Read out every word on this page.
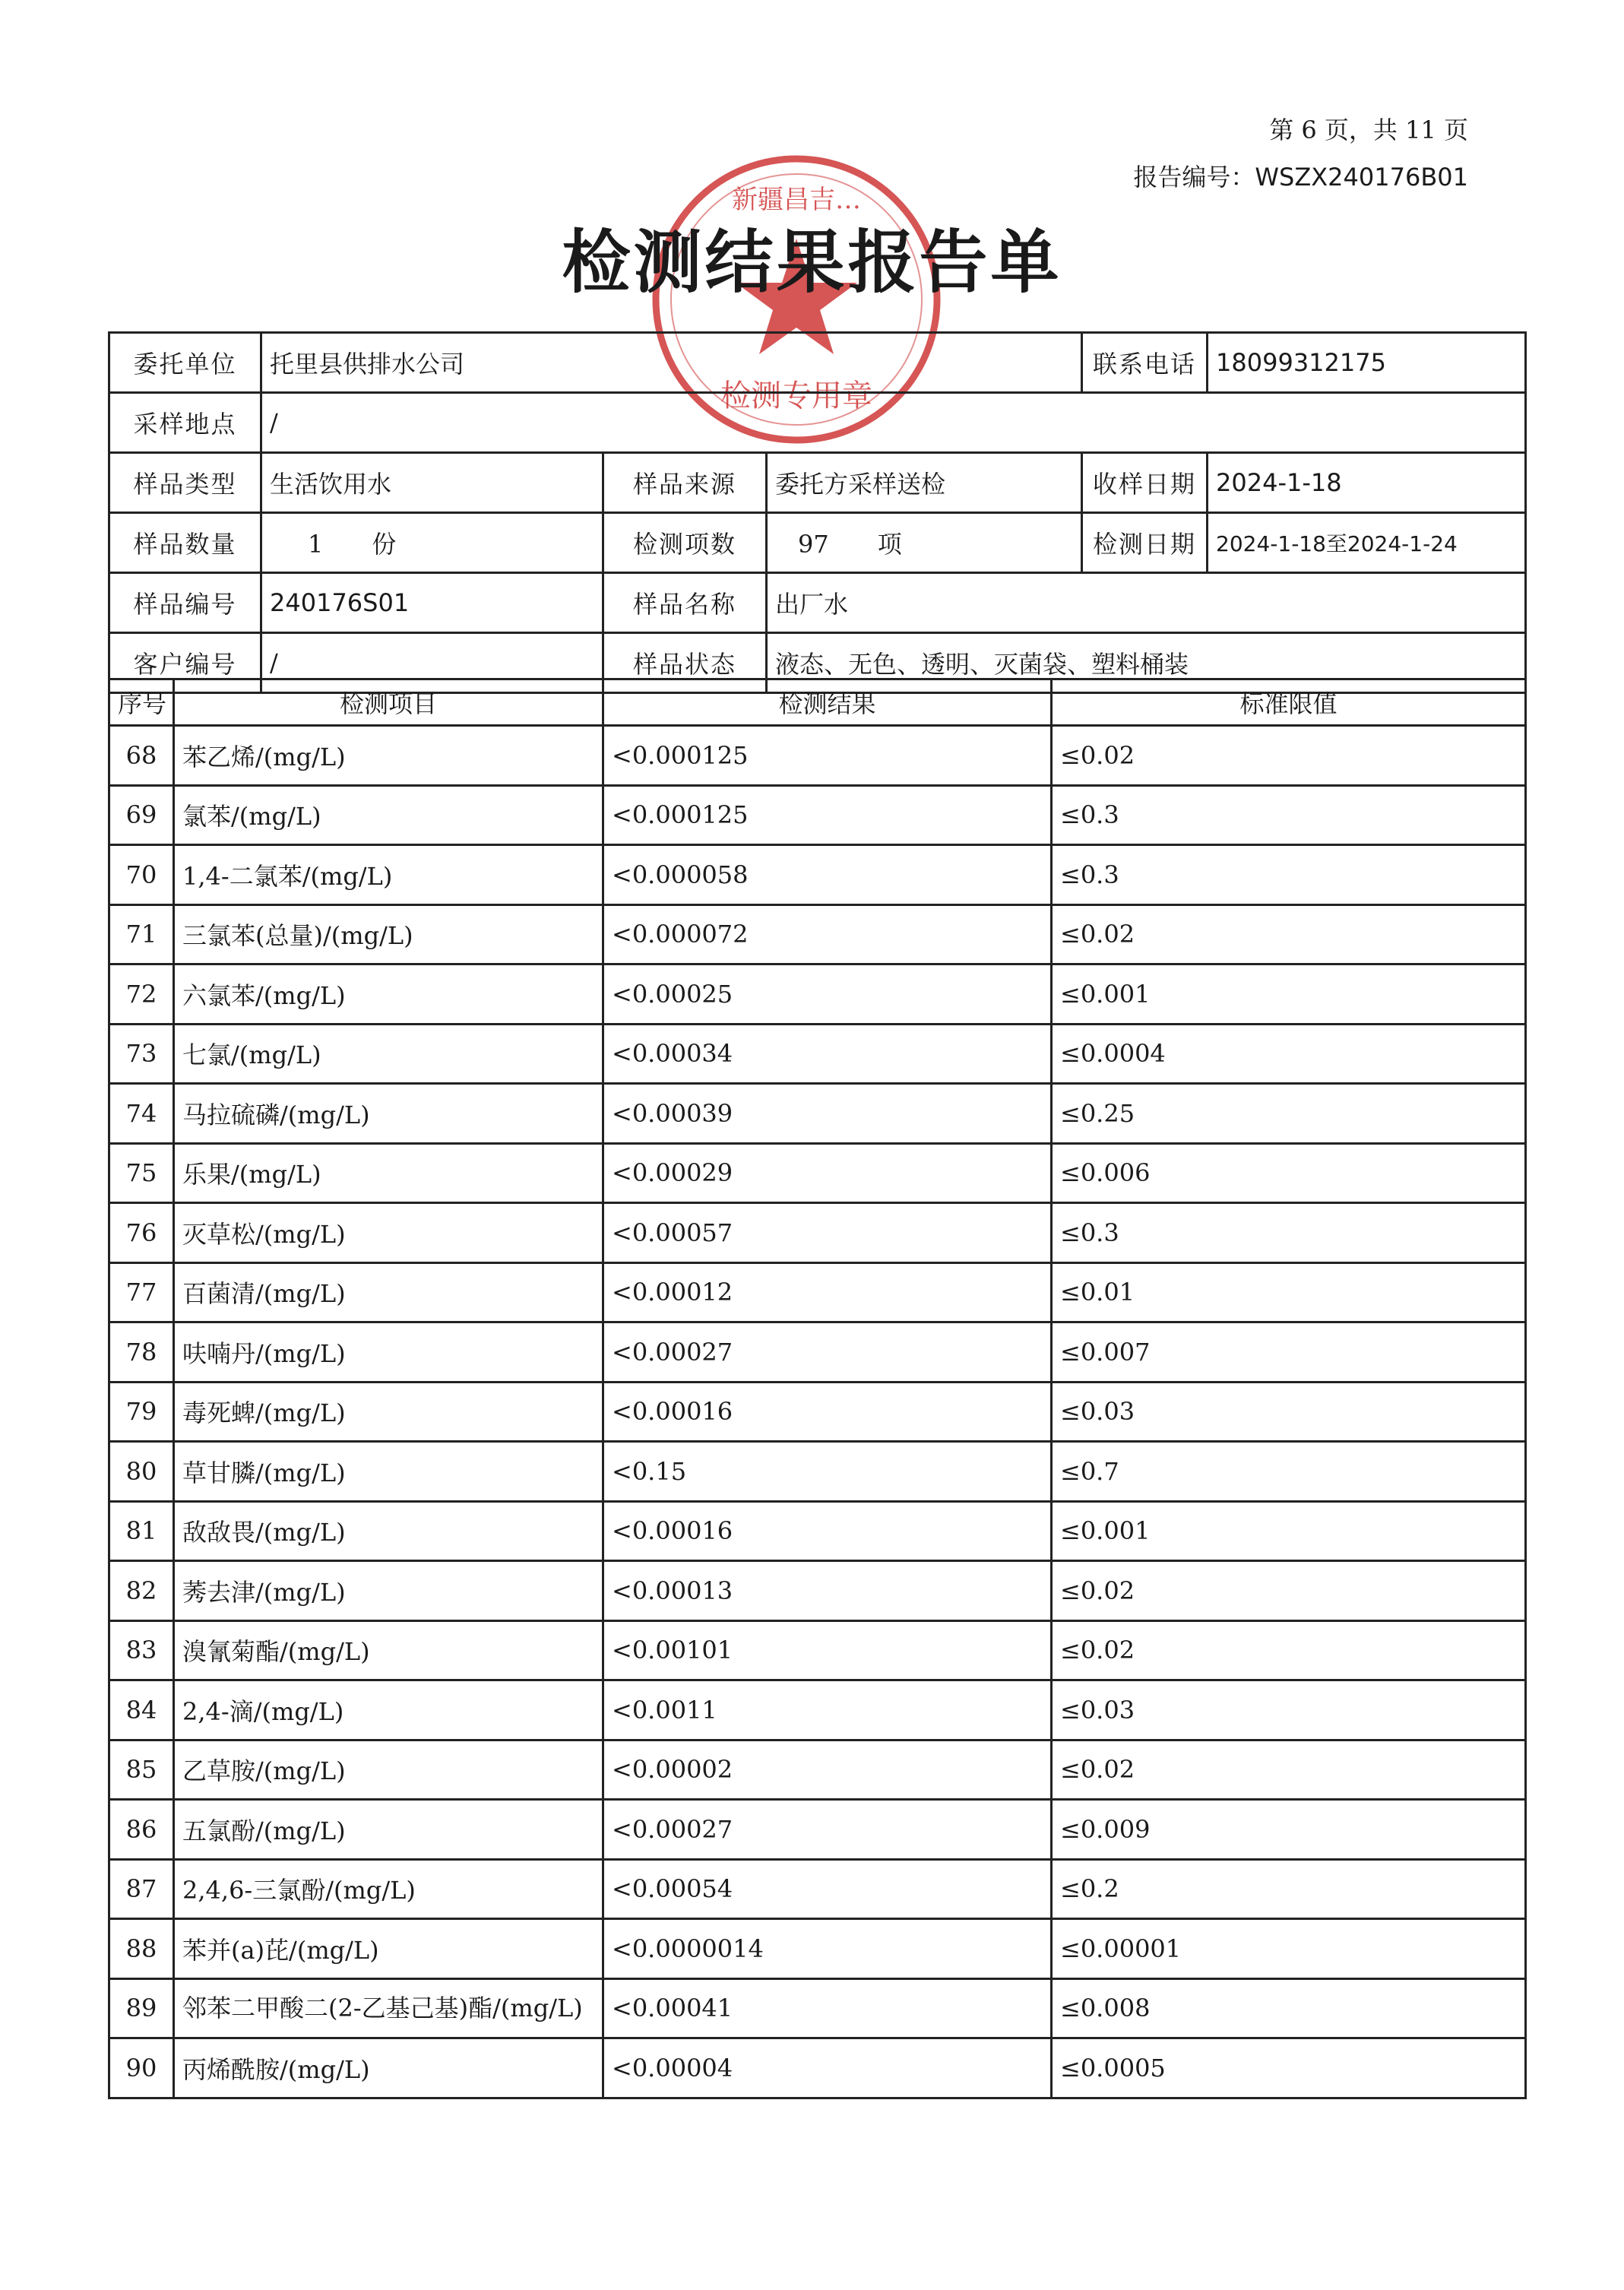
第 6 页，共 11 页
报告编号：WSZX240176B01
新疆昌吉…
检测专用章
检测结果报告单
委托单位	托里县供排水公司			联系电话	18099312175
采样地点	/				
样品类型	生活饮用水	样品来源	委托方采样送检	收样日期	2024-1-18
样品数量	1　　份	检测项数	97　　项	检测日期	2024-1-18至2024-1-24
样品编号	240176S01	样品名称	出厂水		
客户编号	/	样品状态	液态、无色、透明、灭菌袋、塑料桶装		
序号	检测项目	检测结果	标准限值
68	苯乙烯/(mg/L)	<0.000125	≤0.02
69	氯苯/(mg/L)	<0.000125	≤0.3
70	1,4-二氯苯/(mg/L)	<0.000058	≤0.3
71	三氯苯(总量)/(mg/L)	<0.000072	≤0.02
72	六氯苯/(mg/L)	<0.00025	≤0.001
73	七氯/(mg/L)	<0.00034	≤0.0004
74	马拉硫磷/(mg/L)	<0.00039	≤0.25
75	乐果/(mg/L)	<0.00029	≤0.006
76	灭草松/(mg/L)	<0.00057	≤0.3
77	百菌清/(mg/L)	<0.00012	≤0.01
78	呋喃丹/(mg/L)	<0.00027	≤0.007
79	毒死蜱/(mg/L)	<0.00016	≤0.03
80	草甘膦/(mg/L)	<0.15	≤0.7
81	敌敌畏/(mg/L)	<0.00016	≤0.001
82	莠去津/(mg/L)	<0.00013	≤0.02
83	溴氰菊酯/(mg/L)	<0.00101	≤0.02
84	2,4-滴/(mg/L)	<0.0011	≤0.03
85	乙草胺/(mg/L)	<0.00002	≤0.02
86	五氯酚/(mg/L)	<0.00027	≤0.009
87	2,4,6-三氯酚/(mg/L)	<0.00054	≤0.2
88	苯并(a)芘/(mg/L)	<0.0000014	≤0.00001
89	邻苯二甲酸二(2-乙基己基)酯/(mg/L)	<0.00041	≤0.008
90	丙烯酰胺/(mg/L)	<0.00004	≤0.0005
